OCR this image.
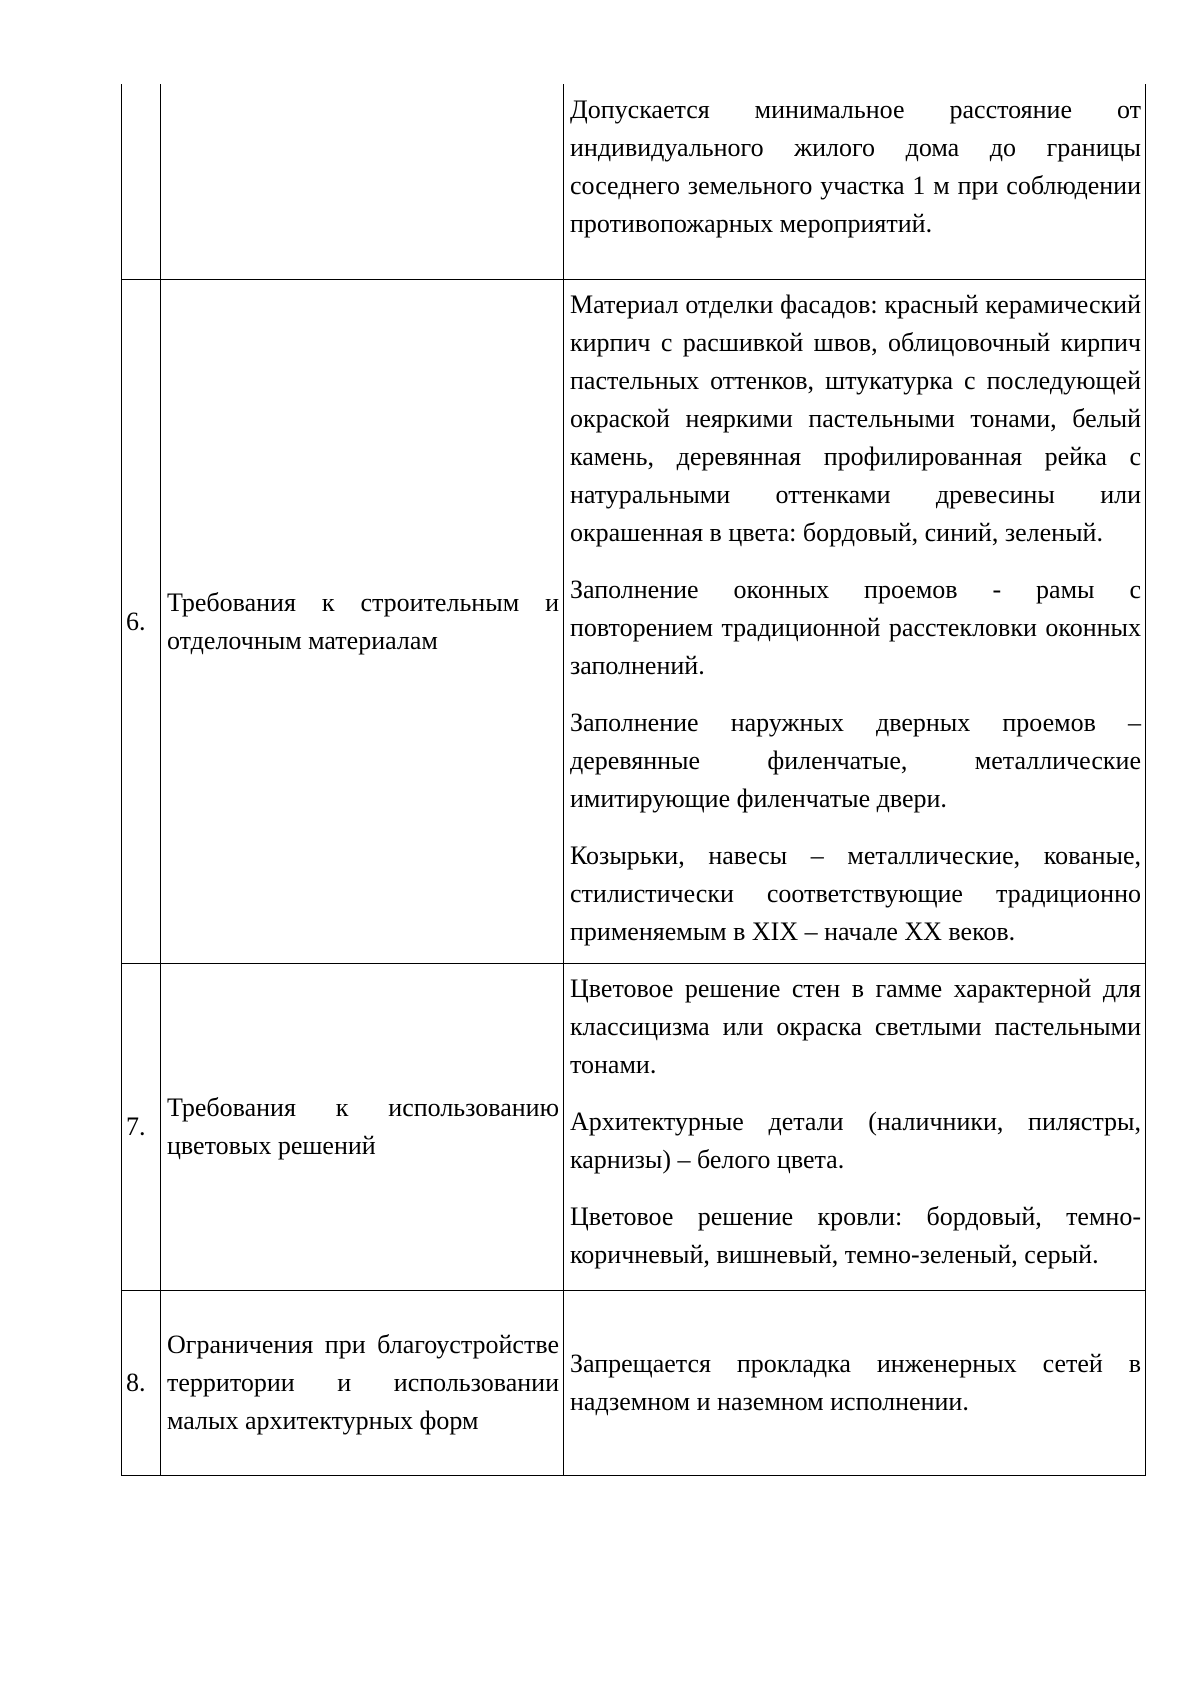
		Допускается минимальное расстояние от индивидуального жилого дома до границы соседнего земельного участка 1 м при соблюдении противопожарных мероприятий.

6.	Требования к строительным и отделочным материалам	Материал отделки фасадов: красный керамический кирпич с расшивкой швов, облицовочный кирпич пастельных оттенков, штукатурка с последующей окраской неяркими пастельными тонами, белый камень, деревянная профилированная рейка с натуральными оттенками древесины или окрашенная в цвета: бордовый, синий, зеленый.

Заполнение оконных проемов - рамы с повторением традиционной расстекловки оконных заполнений.

Заполнение наружных дверных проемов – деревянные филенчатые, металлические имитирующие филенчатые двери.

Козырьки, навесы – металлические, кованые, стилистически соответствующие традиционно применяемым в XIX – начале XX веков.

7.	Требования к использованию цветовых решений	Цветовое решение стен в гамме характерной для классицизма или окраска светлыми пастельными тонами.

Архитектурные детали (наличники, пилястры, карнизы) – белого цвета.

Цветовое решение кровли: бордовый, темно-коричневый, вишневый, темно-зеленый, серый.

8.	Ограничения при благоустройстве территории и использовании малых архитектурных форм	Запрещается прокладка инженерных сетей в надземном и наземном исполнении.
